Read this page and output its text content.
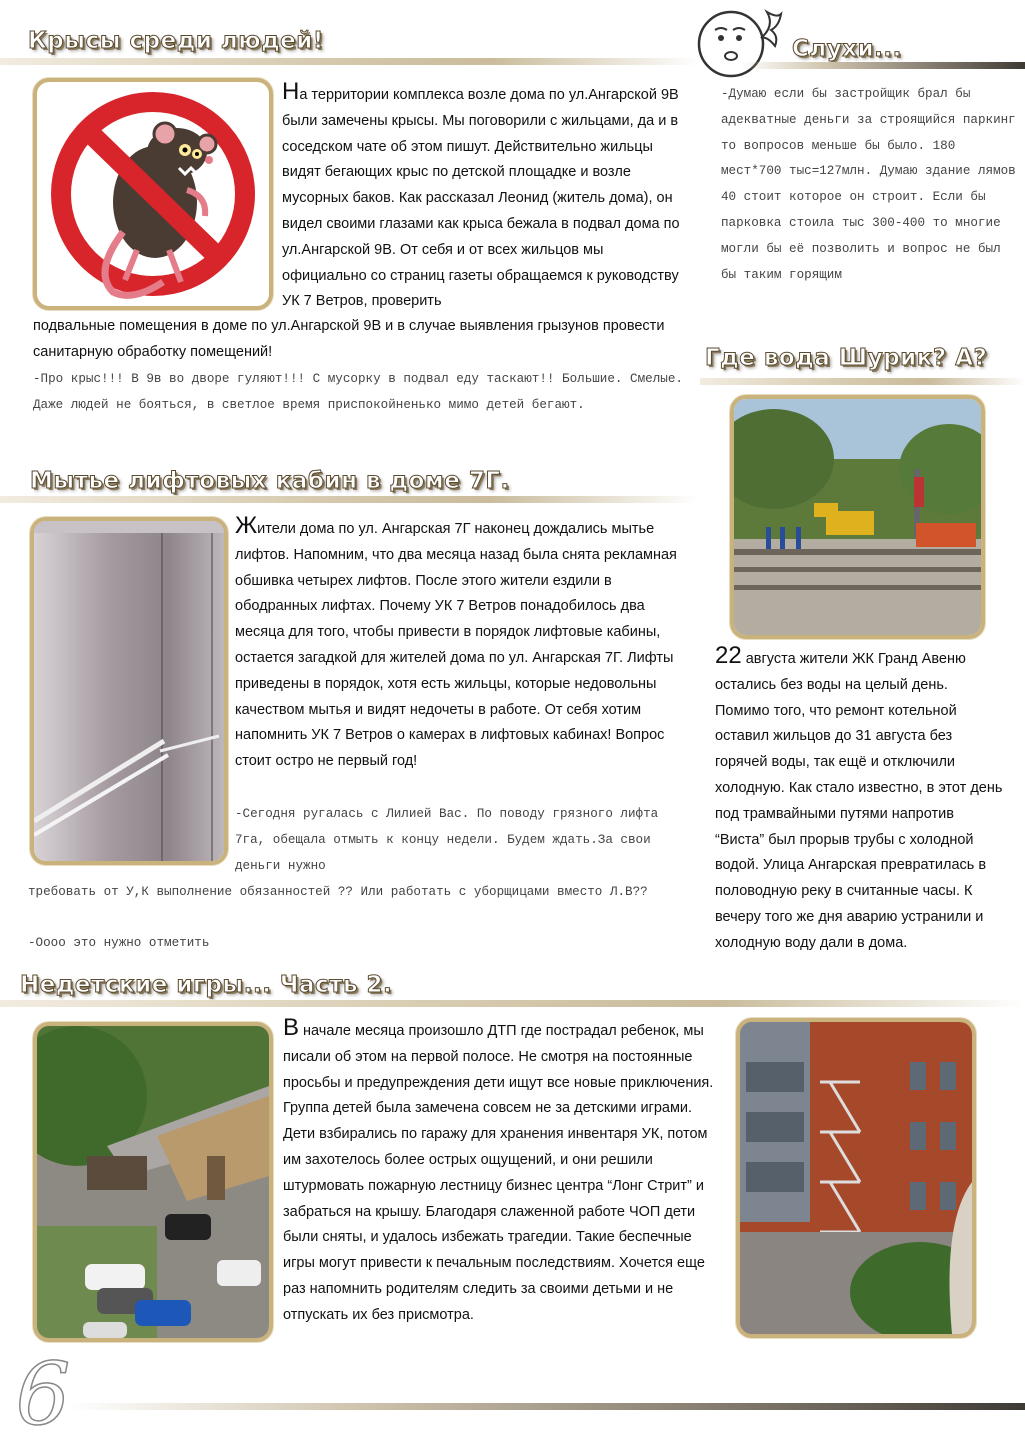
Крысы среди людей!
На территории комплекса возле дома по ул.Ангарской 9В были замечены крысы. Мы поговорили с жильцами, да и в соседском чате об этом пишут. Действительно жильцы видят бегающих крыс по детской площадке и возле мусорных баков. Как рассказал Леонид (житель дома), он видел своими глазами как крыса бежала в подвал дома по ул.Ангарской 9В. От себя и от всех жильцов мы официально со страниц газеты обращаемся к руководству УК 7 Ветров, проверить
подвальные помещения в доме по ул.Ангарской 9В и в случае выявления грызунов провести санитарную обработку помещений!
-Про крыс!!! В 9в во дворе гуляют!!! С мусорку в подвал еду таскают!! Большие. Смелые. Даже людей не бояться, в светлое время приспокойненько мимо детей бегают.
Слухи...
-Думаю если бы застройщик брал бы адекватные деньги за строящийся паркинг то вопросов меньше бы было. 180 мест*700 тыс=127млн. Думаю здание лямов 40 стоит которое он строит. Если бы парковка стоила тыс 300-400 то многие могли бы её позволить и вопрос не был бы таким горящим
Где вода Шурик? А?
22 августа жители ЖК Гранд Авеню остались без воды на целый день. Помимо того, что ремонт котельной оставил жильцов до 31 августа без горячей воды, так ещё и отключили холодную. Как стало известно, в этот день под трамвайными путями напротив “Виста” был прорыв трубы с холодной водой. Улица Ангарская превратилась в половодную реку в считанные часы. К вечеру того же дня аварию устранили и холодную воду дали в дома.
Мытье лифтовых кабин в доме 7Г.
Жители дома по ул. Ангарская 7Г наконец дождались мытье лифтов. Напомним, что два месяца назад была снята рекламная обшивка четырех лифтов. После этого жители ездили в ободранных лифтах. Почему УК 7 Ветров понадобилось два месяца для того, чтобы привести в порядок лифтовые кабины, остается загадкой для жителей дома по ул. Ангарская 7Г. Лифты приведены в порядок, хотя есть жильцы, которые недовольны качеством мытья и видят недочеты в работе. От себя хотим напомнить УК 7 Ветров о камерах в лифтовых кабинах! Вопрос стоит остро не первый год!
-Сегодня ругалась с Лилией Вас. По поводу грязного лифта 7га, обещала отмыть к концу недели. Будем ждать.За свои деньги нужно
требовать от У,К выполнение обязанностей ?? Или работать с уборщицами вместо Л.В??
-Оооо это нужно отметить
Недетские игры... Часть 2.
В начале месяца произошло ДТП где пострадал ребенок, мы писали об этом на первой полосе. Не смотря на постоянные просьбы и предупреждения дети ищут все новые приключения. Группа детей была замечена совсем не за детскими играми. Дети взбирались по гаражу для хранения инвентаря УК, потом им захотелось более острых ощущений, и они решили штурмовать пожарную лестницу бизнес центра “Лонг Стрит” и забраться на крышу. Благодаря слаженной работе ЧОП дети были сняты, и удалось избежать трагедии. Такие беспечные игры могут привести к печальным последствиям. Хочется еще раз напомнить родителям следить за своими детьми и не отпускать их без присмотра.
6
